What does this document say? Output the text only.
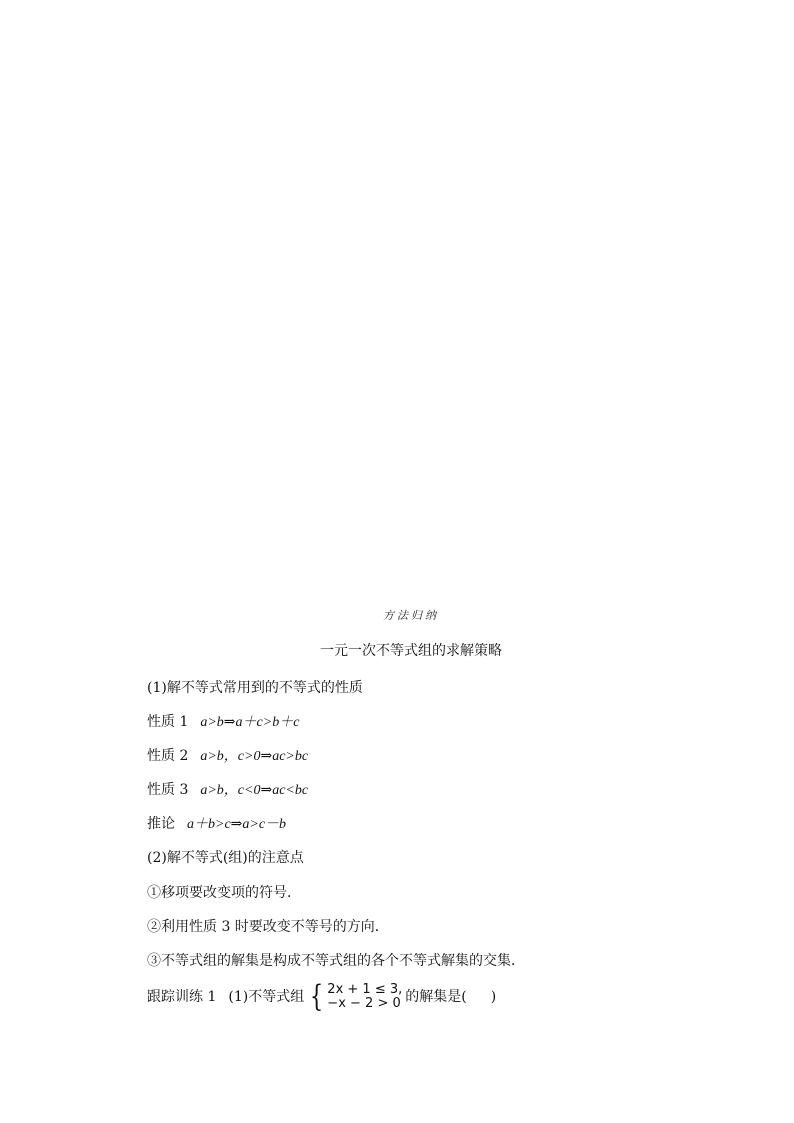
方法归纳
一元一次不等式组的求解策略
(1)解不等式常用到的不等式的性质
性质 1 a>b⇒a＋c>b＋c
性质 2 a>b，c>0⇒ac>bc
性质 3 a>b，c<0⇒ac<bc
推论 a＋b>c⇒a>c－b
(2)解不等式(组)的注意点
①移项要改变项的符号．
②利用性质 3 时要改变不等号的方向．
③不等式组的解集是构成不等式组的各个不等式解集的交集．
跟踪训练 1 (1)不等式组 { 2x + 1 ≤ 3,
−x − 2 > 0 的解集是( )
